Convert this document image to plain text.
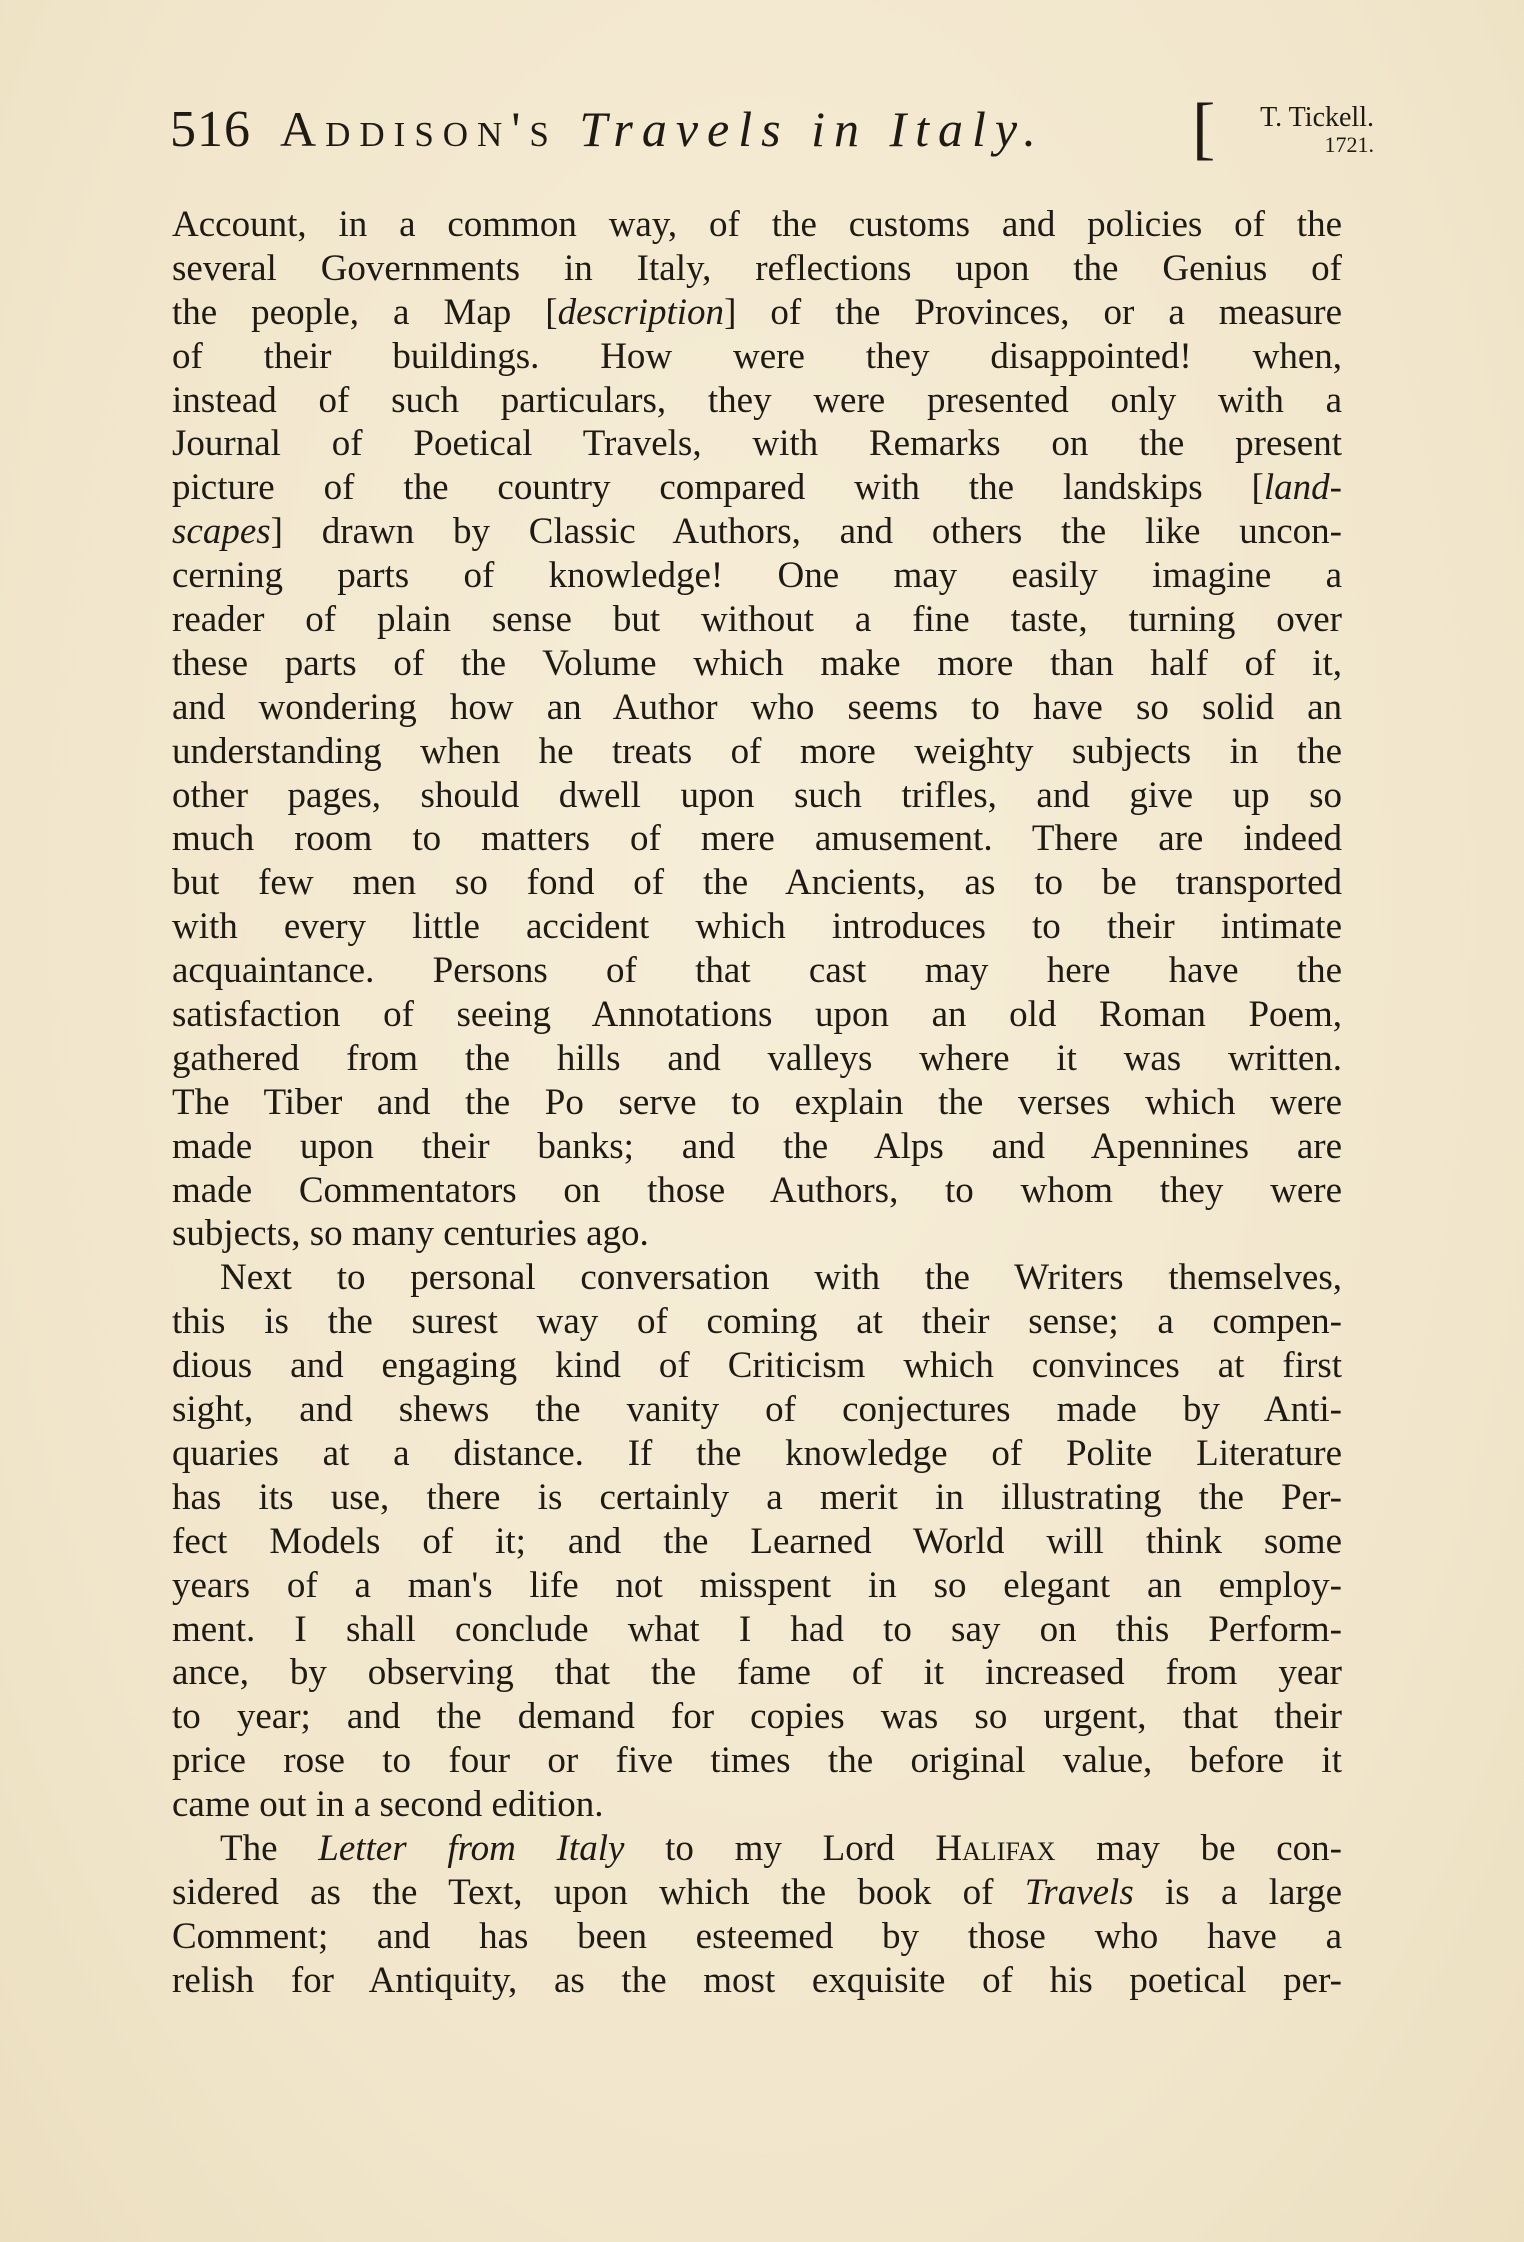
516 Addison's Travels in Italy. [ T. Tickell.
1721.
Account, in a common way, of the customs and policies of the
several Governments in Italy, reflections upon the Genius of
the people, a Map [description] of the Provinces, or a measure
of their buildings. How were they disappointed! when,
instead of such particulars, they were presented only with a
Journal of Poetical Travels, with Remarks on the present
picture of the country compared with the landskips [land-
scapes] drawn by Classic Authors, and others the like uncon-
cerning parts of knowledge! One may easily imagine a
reader of plain sense but without a fine taste, turning over
these parts of the Volume which make more than half of it,
and wondering how an Author who seems to have so solid an
understanding when he treats of more weighty subjects in the
other pages, should dwell upon such trifles, and give up so
much room to matters of mere amusement. There are indeed
but few men so fond of the Ancients, as to be transported
with every little accident which introduces to their intimate
acquaintance. Persons of that cast may here have the
satisfaction of seeing Annotations upon an old Roman Poem,
gathered from the hills and valleys where it was written.
The Tiber and the Po serve to explain the verses which were
made upon their banks; and the Alps and Apennines are
made Commentators on those Authors, to whom they were
subjects, so many centuries ago.
Next to personal conversation with the Writers themselves,
this is the surest way of coming at their sense; a compen-
dious and engaging kind of Criticism which convinces at first
sight, and shews the vanity of conjectures made by Anti-
quaries at a distance. If the knowledge of Polite Literature
has its use, there is certainly a merit in illustrating the Per-
fect Models of it; and the Learned World will think some
years of a man's life not misspent in so elegant an employ-
ment. I shall conclude what I had to say on this Perform-
ance, by observing that the fame of it increased from year
to year; and the demand for copies was so urgent, that their
price rose to four or five times the original value, before it
came out in a second edition.
The Letter from Italy to my Lord Halifax may be con-
sidered as the Text, upon which the book of Travels is a large
Comment; and has been esteemed by those who have a
relish for Antiquity, as the most exquisite of his poetical per-
